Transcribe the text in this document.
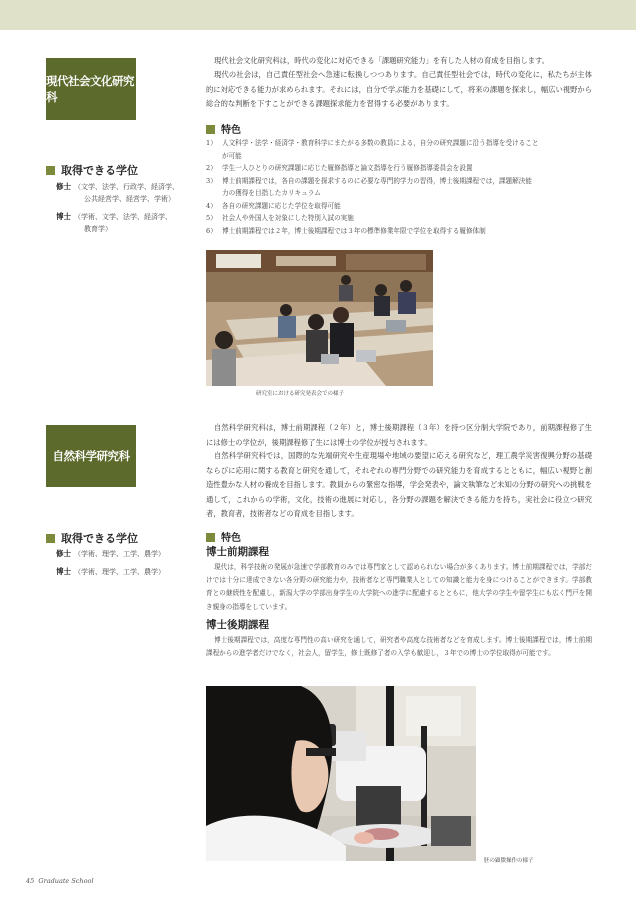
現代社会文化研究科
取得できる学位
修士 （文学、法学、行政学、経済学、
公共経営学、経営学、学術）
博士 （学術、文学、法学、経済学、
教育学）

現代社会文化研究科は，時代の変化に対応できる「課題研究能力」を有した人材の育成を目指します。

現代の社会は，自己責任型社会へ急速に転換しつつあります。自己責任型社会では，時代の変化に，私たちが主体的に対応できる能力が求められます。それには，自分で学ぶ能力を基礎にして，将来の課題を探求し，幅広い視野から総合的な判断を下すことができる課題探求能力を習得する必要があります。

特色
1） 人文科学・法学・経済学・教育科学にまたがる多数の教員による，自分の研究課題に沿う指導を受けること
が可能
2） 学生一人ひとりの研究課題に応じた履修指導と論文指導を行う履修指導委員会を設置
3） 博士前期課程では，各自の課題を探求するのに必要な専門的学力の習得，博士後期課程では，課題解決能
力の獲得を目指したカリキュラム
4） 各自の研究課題に応じた学位を取得可能
5） 社会人や外国人を対象にした特別入試の実施
6） 博士前期課程では２年，博士後期課程では３年の標準修業年限で学位を取得する履修体制
研究室における研究発表会での様子
自然科学研究科
取得できる学位
修士 （学術、理学、工学、農学）
博士 （学術、理学、工学、農学）

自然科学研究科は，博士前期課程（２年）と，博士後期課程（３年）を持つ区分制大学院であり，前期課程修了生には修士の学位が，後期課程修了生には博士の学位が授与されます。

自然科学研究科では，国際的な先端研究や生産現場や地域の要望に応える研究など，理工農学災害復興分野の基礎ならびに応用に関する教育と研究を通して，それぞれの専門分野での研究能力を育成するとともに，幅広い視野と創造性豊かな人材の養成を目指します。教員からの緊密な指導，学会発表や，論文執筆など未知の分野の研究への挑戦を通して，これからの学術，文化，技術の進展に対応し，各分野の課題を解決できる能力を持ち，実社会に役立つ研究者，教育者，技術者などの育成を目指します。

特色
博士前期課程

現代は，科学技術の発展が急速で学部教育のみでは専門家として認められない場合が多くあります。博士前期課程では，学部だけでは十分に達成できない各分野の研究能力や，技術者など専門職業人としての知識と能力を身につけることができます。学部教育との継続性を配慮し，新潟大学の学部出身学生の大学院への進学に配慮するとともに，他大学の学生や留学生にも広く門戸を開き親身の指導をしています。

博士後期課程

博士後期課程では，高度な専門性の高い研究を通して，研究者や高度な技術者などを育成します。博士後期課程では，博士前期課程からの進学者だけでなく，社会人，留学生，修士既修了者の入学も歓迎し，３年での博士の学位取得が可能です。

胚の顕微操作の様子
45 Graduate School
